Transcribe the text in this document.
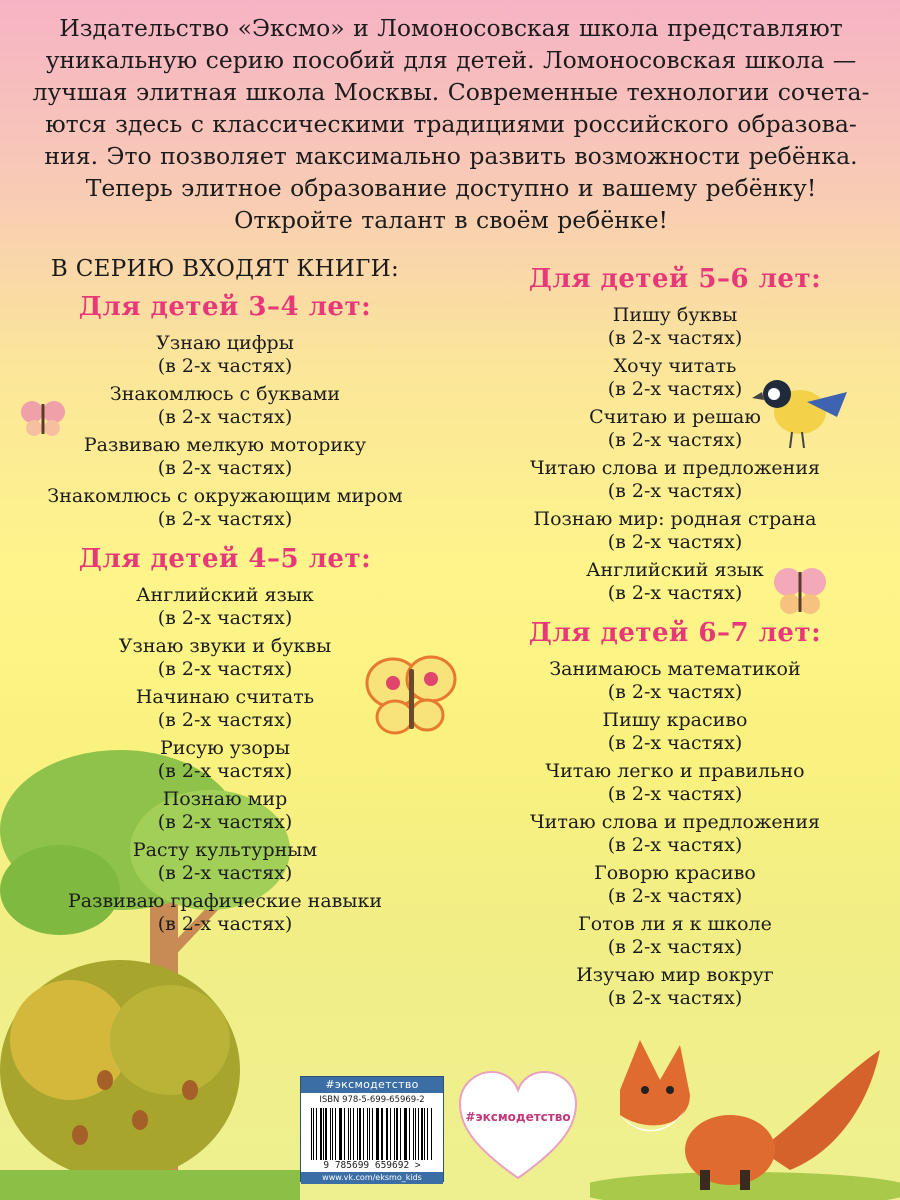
#эксмодетство

Издательство «Эксмо» и Ломоносовская школа представляют

уникальную серию пособий для детей. Ломоносовская школа —

лучшая элитная школа Москвы. Современные технологии сочета-

ются здесь с классическими традициями российского образова-

ния. Это позволяет максимально развить возможности ребёнка.

Теперь элитное образование доступно и вашему ребёнку!

Откройте талант в своём ребёнке!

В СЕРИЮ ВХОДЯТ КНИГИ:
Для детей 3–4 лет:
Узнаю цифры
(в 2-х частях)
Знакомлюсь с буквами
(в 2-х частях)
Развиваю мелкую моторику
(в 2-х частях)
Знакомлюсь с окружающим миром
(в 2-х частях)
Для детей 4–5 лет:
Английский язык
(в 2-х частях)
Узнаю звуки и буквы
(в 2-х частях)
Начинаю считать
(в 2-х частях)
Рисую узоры
(в 2-х частях)
Познаю мир
(в 2-х частях)
Расту культурным
(в 2-х частях)
Развиваю графические навыки
(в 2-х частях)
Для детей 5–6 лет:
Пишу буквы
(в 2-х частях)
Хочу читать
(в 2-х частях)
Считаю и решаю
(в 2-х частях)
Читаю слова и предложения
(в 2-х частях)
Познаю мир: родная страна
(в 2-х частях)
Английский язык
(в 2-х частях)
Для детей 6–7 лет:
Занимаюсь математикой
(в 2-х частях)
Пишу красиво
(в 2-х частях)
Читаю легко и правильно
(в 2-х частях)
Читаю слова и предложения
(в 2-х частях)
Говорю красиво
(в 2-х частях)
Готов ли я к школе
(в 2-х частях)
Изучаю мир вокруг
(в 2-х частях)
#эксмодетство
ISBN 978-5-699-65969-2
9 785699 659692 >
www.vk.com/eksmo_kids
